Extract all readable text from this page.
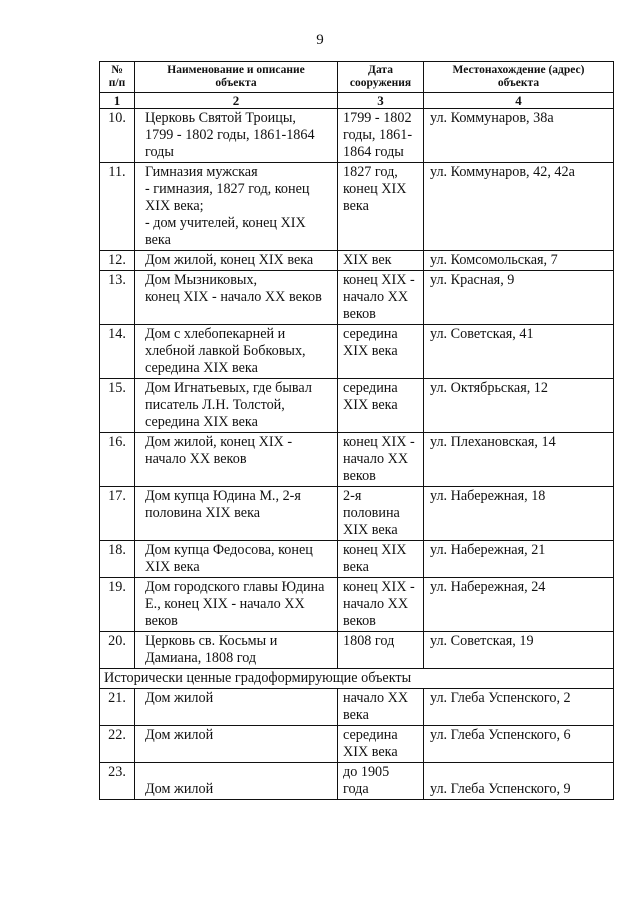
9
№
п/п	Наименование и описание
объекта	Дата
сооружения	Местонахождение (адрес)
объекта

1	2	3	4
10.	Церковь Святой Троицы,
1799 - 1802 годы, 1861-1864
годы	1799 - 1802
годы, 1861-
1864 годы	ул. Коммунаров, 38а

11.	Гимназия мужская
- гимназия, 1827 год, конец
XIX века;
- дом учителей, конец XIX
века	1827 год,
конец XIX
века	ул. Коммунаров, 42, 42а

12.	Дом жилой, конец XIX века	XIX век	ул. Комсомольская, 7

13.	Дом Мызниковых,
конец XIX - начало XX веков	конец XIX -
начало XX
веков	ул. Красная, 9

14.	Дом с хлебопекарней и
хлебной лавкой Бобковых,
середина XIX века	середина
XIX века	ул. Советская, 41

15.	Дом Игнатьевых, где бывал
писатель Л.Н. Толстой,
середина XIX века	середина
XIX века	ул. Октябрьская, 12

16.	Дом жилой, конец XIX -
начало XX веков	конец XIX -
начало XX
веков	ул. Плехановская, 14

17.	Дом купца Юдина М., 2-я
половина XIX века	2-я
половина
XIX века	ул. Набережная, 18

18.	Дом купца Федосова, конец
XIX века	конец XIX
века	ул. Набережная, 21

19.	Дом городского главы Юдина
Е., конец XIX - начало XX
веков	конец XIX -
начало XX
веков	ул. Набережная, 24

20.	Церковь св. Косьмы и
Дамиана, 1808 год	1808 год	ул. Советская, 19

Исторически ценные градоформирующие объекты			
21.	Дом жилой	начало XX
века	ул. Глеба Успенского, 2

22.	Дом жилой	середина
XIX века	ул. Глеба Успенского, 6

23.	Дом жилой	до 1905
года	ул. Глеба Успенского, 9
